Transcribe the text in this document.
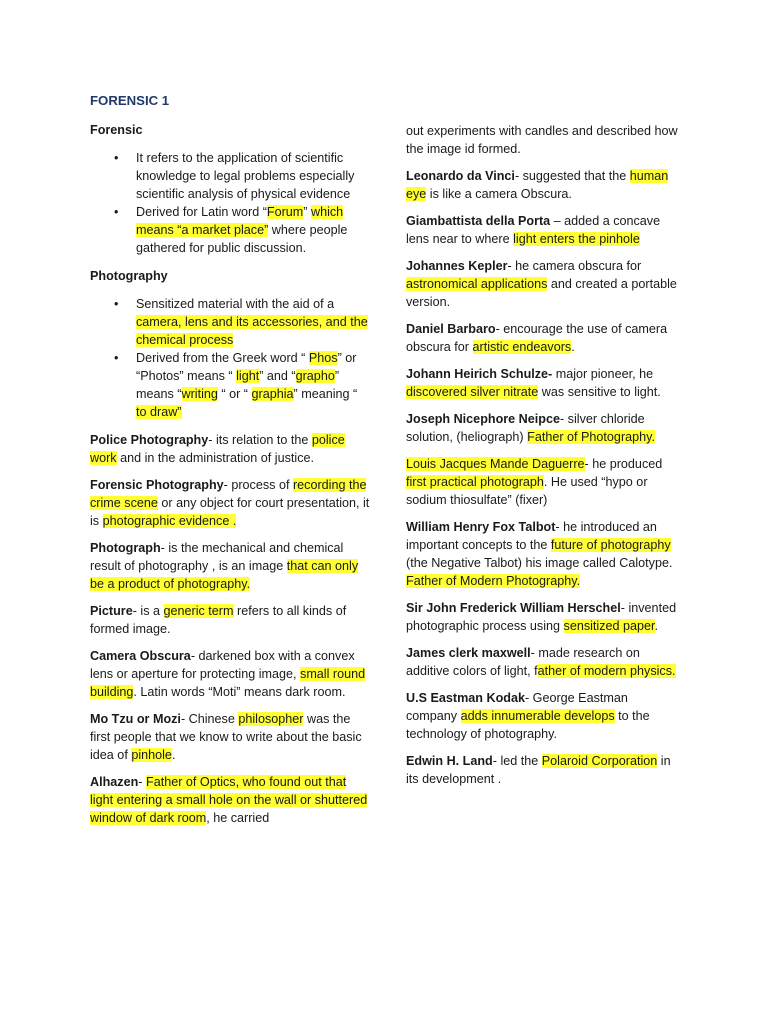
FORENSIC 1
Forensic
• It refers to the application of scientific knowledge to legal problems especially scientific analysis of physical evidence
• Derived for Latin word “Forum” which means “a market place” where people gathered for public discussion.
Photography
• Sensitized material with the aid of a camera, lens and its accessories, and the chemical process
• Derived from the Greek word “ Phos” or “Photos” means “ light” and “grapho” means “writing “ or “ graphia” meaning “ to draw”

Police Photography- its relation to the police work and in the administration of justice.

Forensic Photography- process of recording the crime scene or any object for court presentation, it is photographic evidence .

Photograph- is the mechanical and chemical result of photography , is an image that can only be a product of photography.

Picture- is a generic term refers to all kinds of formed image.

Camera Obscura- darkened box with a convex lens or aperture for protecting image, small round building. Latin words “Moti” means dark room.

Mo Tzu or Mozi- Chinese philosopher was the first people that we know to write about the basic idea of pinhole.

Alhazen- Father of Optics, who found out that light entering a small hole on the wall or shuttered window of dark room, he carried

out experiments with candles and described how the image id formed.

Leonardo da Vinci- suggested that the human eye is like a camera Obscura.

Giambattista della Porta – added a concave lens near to where light enters the pinhole

Johannes Kepler- he camera obscura for astronomical applications and created a portable version.

Daniel Barbaro- encourage the use of camera obscura for artistic endeavors.

Johann Heirich Schulze- major pioneer, he discovered silver nitrate was sensitive to light.

Joseph Nicephore Neipce- silver chloride solution, (heliograph) Father of Photography.

Louis Jacques Mande Daguerre- he produced first practical photograph. He used “hypo or sodium thiosulfate” (fixer)

William Henry Fox Talbot- he introduced an important concepts to the future of photography (the Negative Talbot) his image called Calotype. Father of Modern Photography.

Sir John Frederick William Herschel- invented photographic process using sensitized paper.

James clerk maxwell- made research on additive colors of light, father of modern physics.

U.S Eastman Kodak- George Eastman company adds innumerable develops to the technology of photography.

Edwin H. Land- led the Polaroid Corporation in its development .
